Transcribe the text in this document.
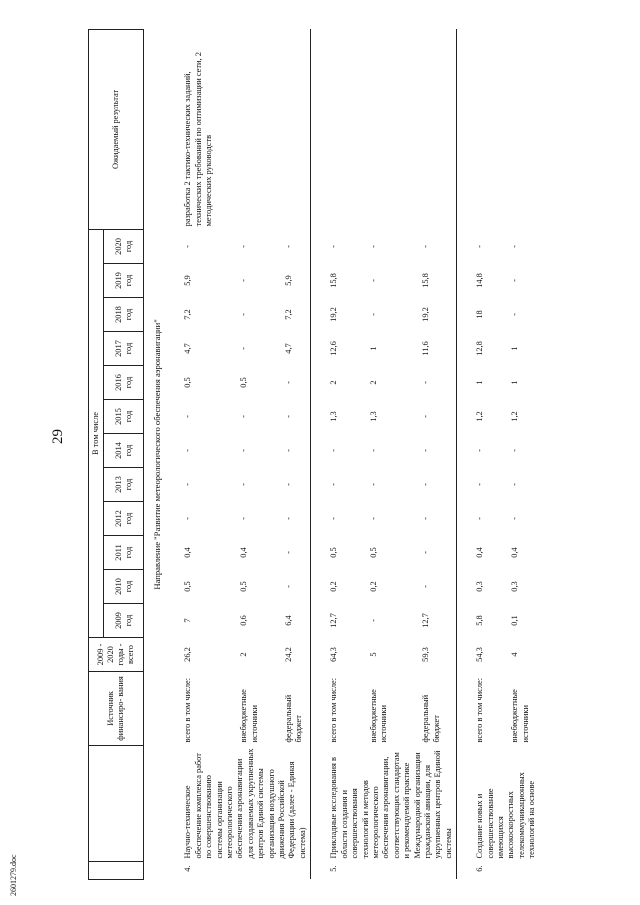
29
2601279.doc
		Источник финансиро- вания	2009 - 2020 годы - всего	В том числе												Ожидаемый результат
				2009 год	2010 год	2011 год	2012 год	2013 год	2014 год	2015 год	2016 год	2017 год	2018 год	2019 год	2020 год	
Направление "Развитие метеорологического обеспечения аэронавигации"																
4.	Научно-техническое обеспечение комплекса работ по совершенствованию системы организации метеорологического обеспечения аэронавигации для создаваемых укрупненных центров Единой системы организации воздушного движения Российской Федерации (далее - Единая система)	всего в том числе:	26,2	7	0,5	0,4	-	-	-	-	0,5	4,7	7,2	5,9	-	разработка 2 тактико-технических заданий, технических требований по оптимизации сети, 2 методических руководств
		внебюджетные источники	2	0,6	0,5	0,4	-	-	-	-	0,5	-	-	-	-	
		федеральный бюджет	24,2	6,4	-	-	-	-	-	-	-	4,7	7,2	5,9	-	
5.	Прикладные исследования в области создания и совершенствования технологий и методов метеорологического обеспечения аэронавигации, соответствующих стандартам и рекомендуемой практике Международной организации гражданской авиации, для укрупненных центров Единой системы	всего в том числе:	64,3	12,7	0,2	0,5	-	-	-	1,3	2	12,6	19,2	15,8	-	
		внебюджетные источники	5	-	0,2	0,5	-	-	-	1,3	2	1	-	-	-	
		федеральный бюджет	59,3	12,7	-	-	-	-	-	-	-	11,6	19,2	15,8	-	
6.	Создание новых и совершенствование имеющихся высокоскоростных телекоммуникационных технологий на основе	всего в том числе:	54,3	5,8	0,3	0,4	-	-	-	1,2	1	12,8	18	14,8	-	
		внебюджетные источники	4	0,1	0,3	0,4	-	-	-	1,2	1	1	-	-	-	
